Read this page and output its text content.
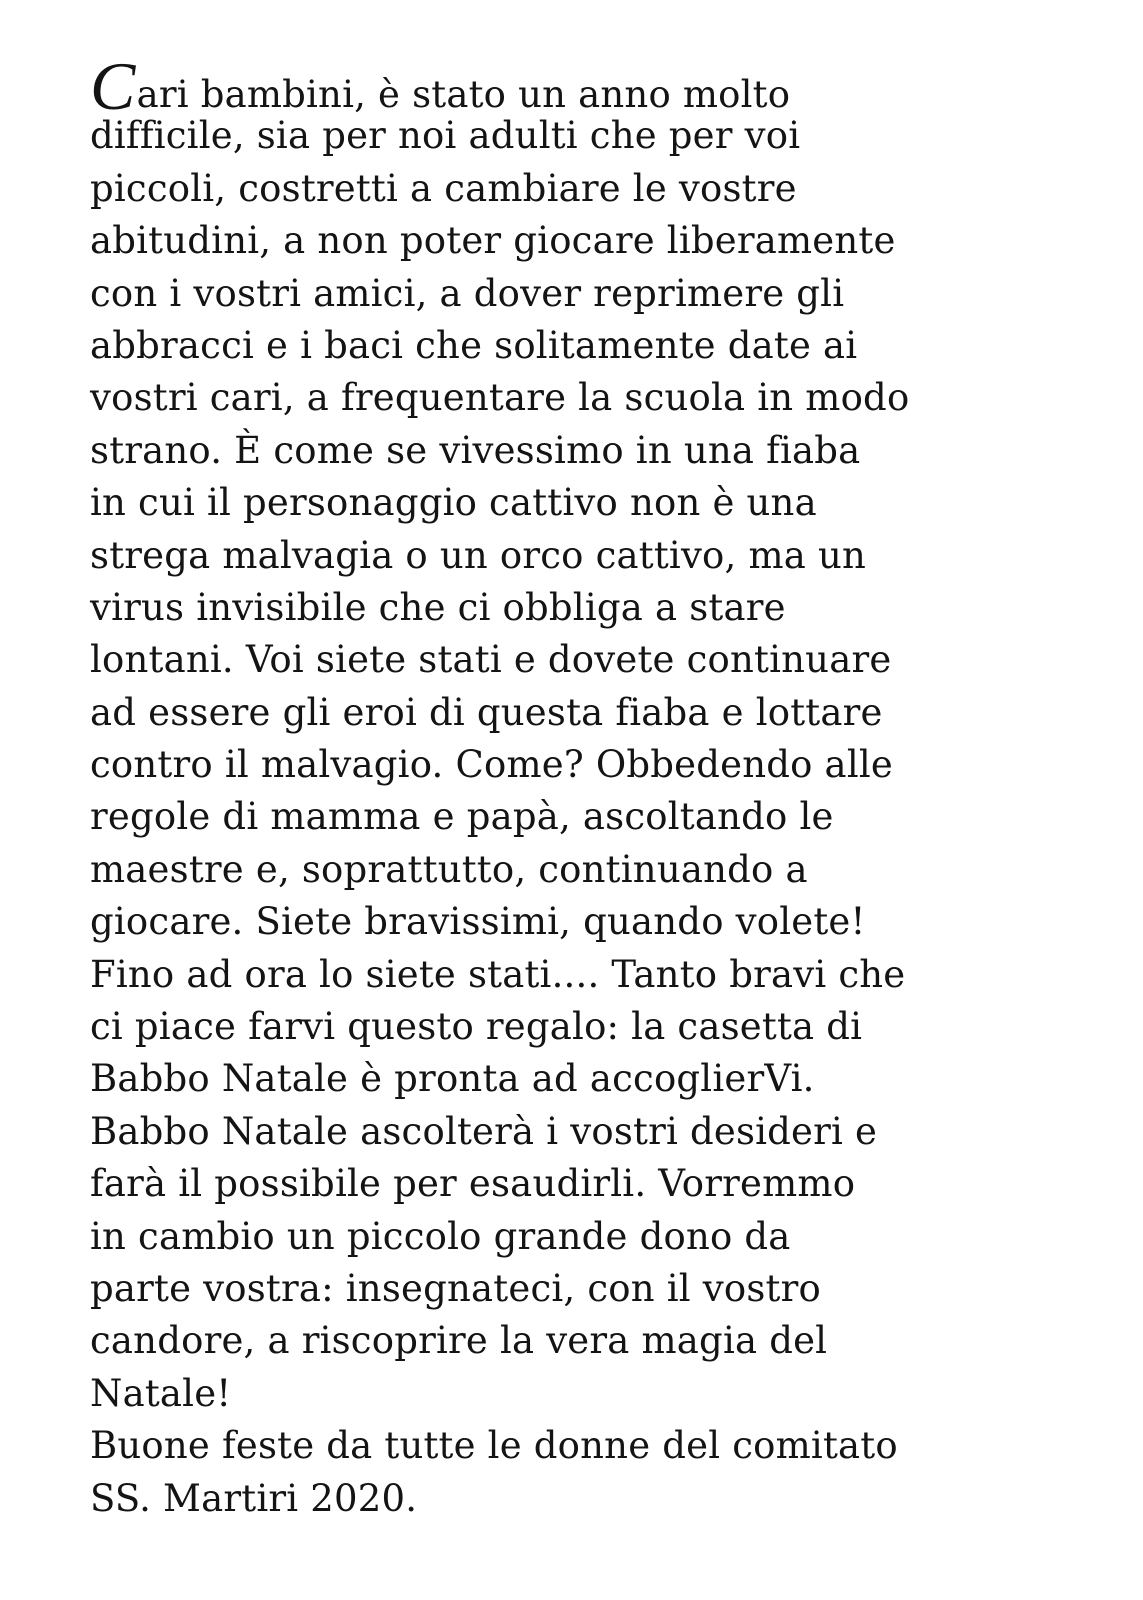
Cari bambini, è stato un anno molto
difficile, sia per noi adulti che per voi
piccoli, costretti a cambiare le vostre
abitudini, a non poter giocare liberamente
con i vostri amici, a dover reprimere gli
abbracci e i baci che solitamente date ai
vostri cari, a frequentare la scuola in modo
strano. È come se vivessimo in una fiaba
in cui il personaggio cattivo non è una
strega malvagia o un orco cattivo, ma un
virus invisibile che ci obbliga a stare
lontani. Voi siete stati e dovete continuare
ad essere gli eroi di questa fiaba e lottare
contro il malvagio. Come? Obbedendo alle
regole di mamma e papà, ascoltando le
maestre e, soprattutto, continuando a
giocare. Siete bravissimi, quando volete!
Fino ad ora lo siete stati.... Tanto bravi che
ci piace farvi questo regalo: la casetta di
Babbo Natale è pronta ad accoglierVi.
Babbo Natale ascolterà i vostri desideri e
farà il possibile per esaudirli. Vorremmo
in cambio un piccolo grande dono da
parte vostra: insegnateci, con il vostro
candore, a riscoprire la vera magia del
Natale!
Buone feste da tutte le donne del comitato
SS. Martiri 2020.
